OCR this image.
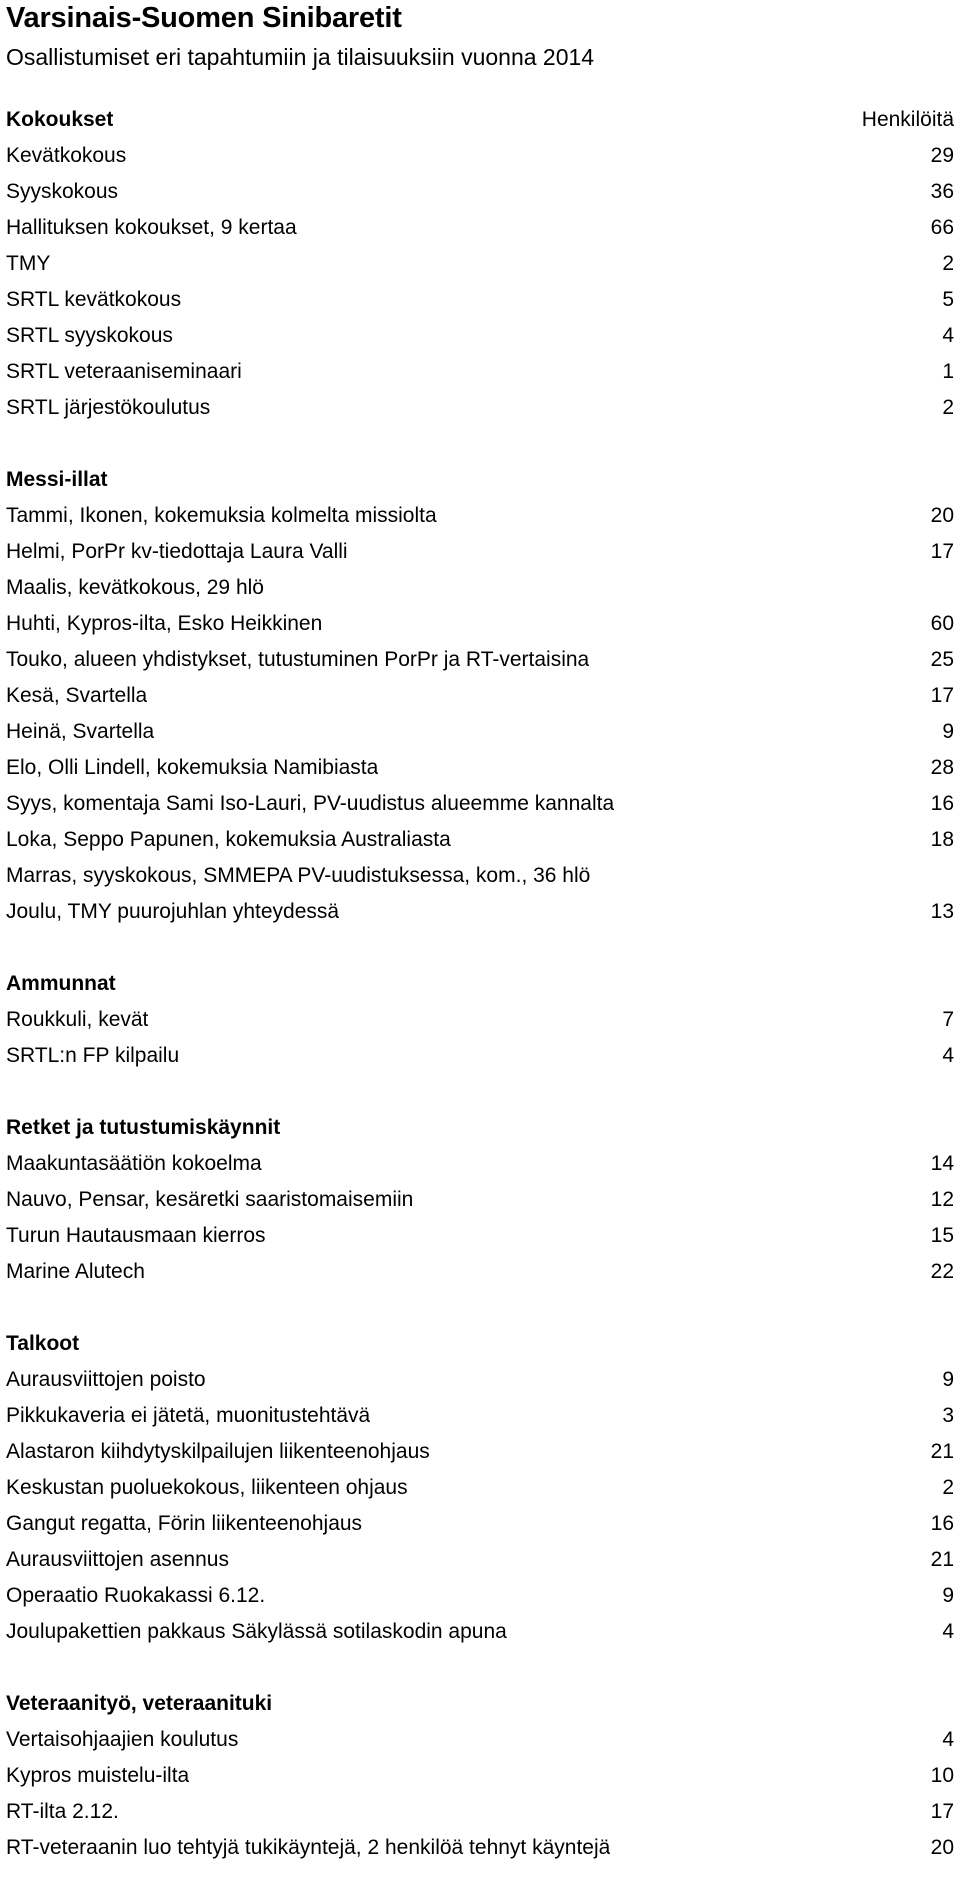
Varsinais-Suomen Sinibaretit
Osallistumiset eri tapahtumiin ja tilaisuuksiin vuonna 2014
Kokoukset	Henkilöitä
Kevätkokous	29
Syyskokous	36
Hallituksen kokoukset, 9 kertaa	66
TMY	2
SRTL kevätkokous	5
SRTL syyskokous	4
SRTL veteraaniseminaari	1
SRTL järjestökoulutus	2
Messi-illat
Tammi, Ikonen, kokemuksia kolmelta missiolta	20
Helmi, PorPr kv-tiedottaja Laura Valli	17
Maalis, kevätkokous, 29 hlö
Huhti, Kypros-ilta, Esko Heikkinen	60
Touko, alueen yhdistykset, tutustuminen PorPr ja RT-vertaisina	25
Kesä, Svartella	17
Heinä, Svartella	9
Elo, Olli Lindell, kokemuksia Namibiasta	28
Syys, komentaja Sami Iso-Lauri, PV-uudistus alueemme kannalta	16
Loka, Seppo Papunen, kokemuksia Australiasta	18
Marras, syyskokous, SMMEPA PV-uudistuksessa, kom., 36 hlö
Joulu, TMY puurojuhlan yhteydessä	13
Ammunnat
Roukkuli, kevät	7
SRTL:n FP kilpailu	4
Retket ja tutustumiskäynnit
Maakuntasäätiön kokoelma	14
Nauvo, Pensar, kesäretki saaristomaisemiin	12
Turun Hautausmaan kierros	15
Marine Alutech	22
Talkoot
Aurausviittojen poisto	9
Pikkukaveria ei jätetä, muonitustehtävä	3
Alastaron kiihdytyskilpailujen liikenteenohjaus	21
Keskustan puoluekokous, liikenteen ohjaus	2
Gangut regatta, Förin liikenteenohjaus	16
Aurausviittojen asennus	21
Operaatio Ruokakassi 6.12.	9
Joulupakettien pakkaus Säkylässä sotilaskodin apuna	4
Veteraanityö, veteraanituki
Vertaisohjaajien koulutus	4
Kypros muistelu-ilta	10
RT-ilta 2.12.	17
RT-veteraanin luo tehtyjä tukikäyntejä, 2 henkilöä tehnyt käyntejä	20
